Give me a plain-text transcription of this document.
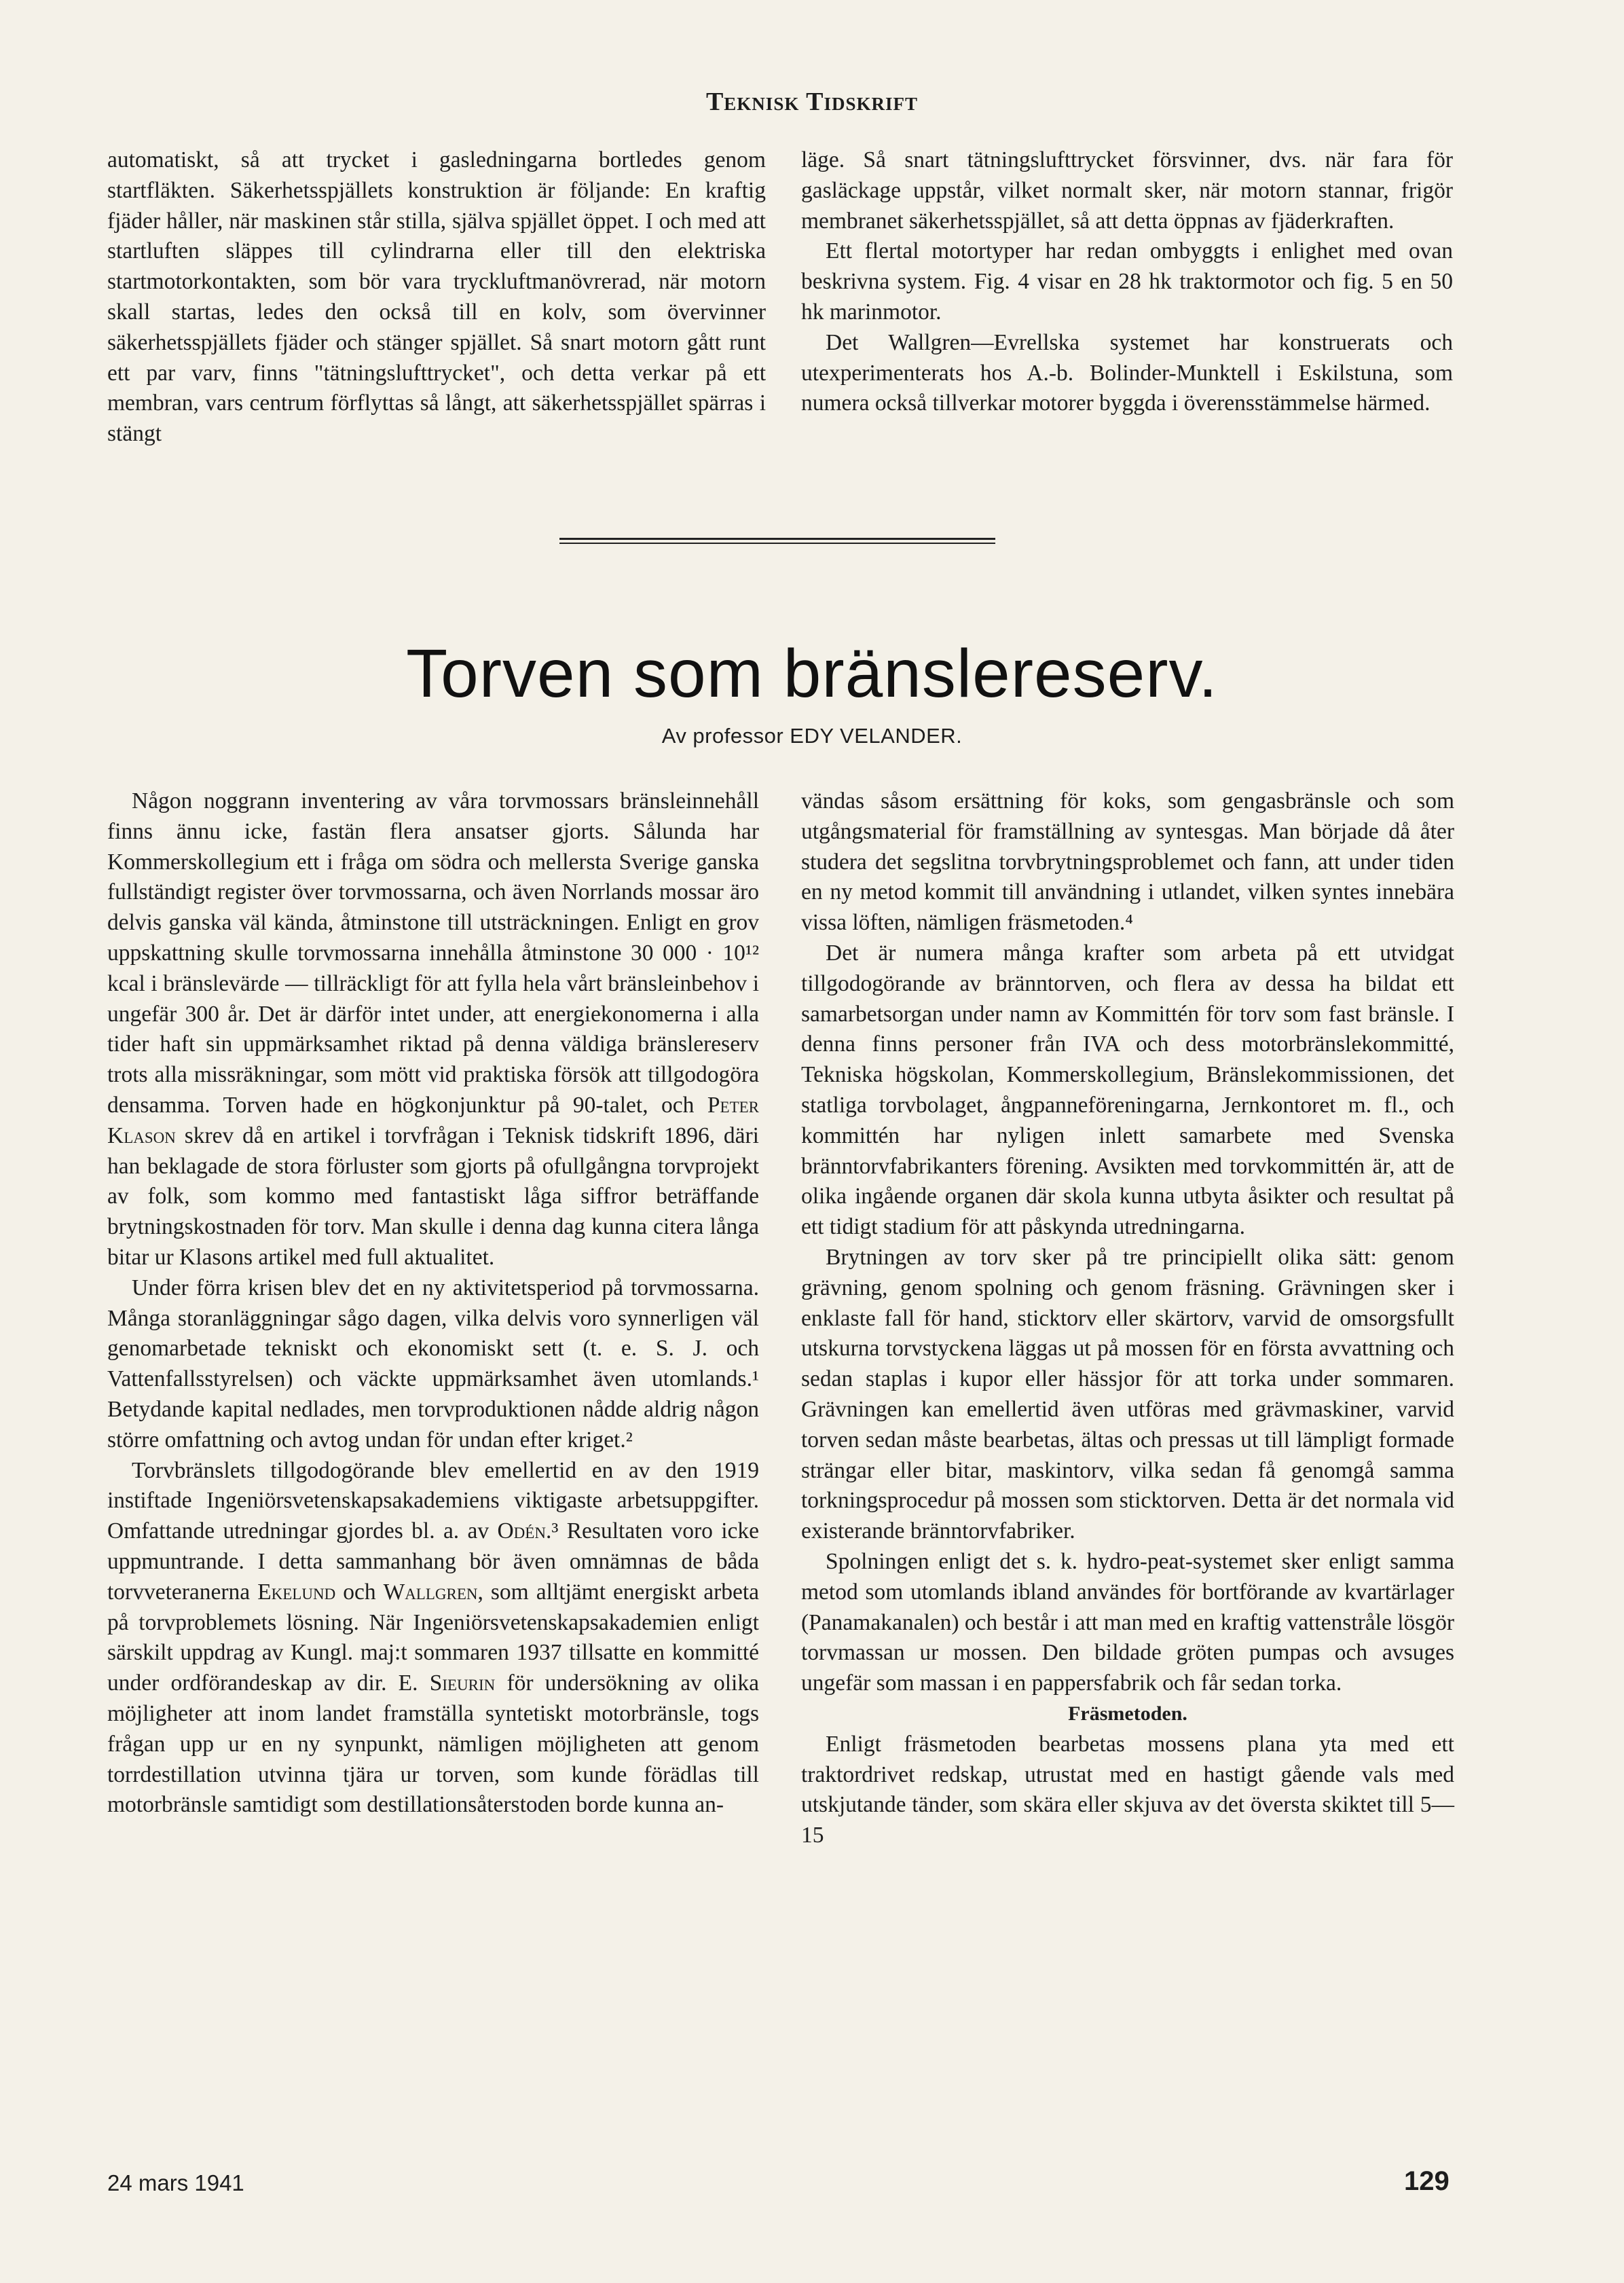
Teknisk Tidskrift

automatiskt, så att trycket i gasledningarna bortledes genom startfläkten. Säkerhetsspjällets konstruktion är följande: En kraftig fjäder håller, när maskinen står stilla, själva spjället öppet. I och med att startluften släppes till cylindrarna eller till den elektriska startmotorkontakten, som bör vara tryckluftmanövrerad, när motorn skall startas, ledes den också till en kolv, som övervinner säkerhetsspjällets fjäder och stänger spjället. Så snart motorn gått runt ett par varv, finns "tätningslufttrycket", och detta verkar på ett membran, vars centrum förflyttas så långt, att säkerhetsspjället spärras i stängt

läge. Så snart tätningslufttrycket försvinner, dvs. när fara för gasläckage uppstår, vilket normalt sker, när motorn stannar, frigör membranet säkerhetsspjället, så att detta öppnas av fjäderkraften.

Ett flertal motortyper har redan ombyggts i enlighet med ovan beskrivna system. Fig. 4 visar en 28 hk traktormotor och fig. 5 en 50 hk marinmotor.

Det Wallgren—Evrellska systemet har konstruerats och utexperimenterats hos A.-b. Bolinder-Munktell i Eskilstuna, som numera också tillverkar motorer byggda i överensstämmelse härmed.

Torven som bränslereserv.
Av professor EDY VELANDER.

Någon noggrann inventering av våra torvmossars bränsleinnehåll finns ännu icke, fastän flera ansatser gjorts. Sålunda har Kommerskollegium ett i fråga om södra och mellersta Sverige ganska fullständigt register över torvmossarna, och även Norrlands mossar äro delvis ganska väl kända, åtminstone till utsträckningen. Enligt en grov uppskattning skulle torvmossarna innehålla åtminstone 30 000 · 10¹² kcal i bränslevärde — tillräckligt för att fylla hela vårt bränsleinbehov i ungefär 300 år. Det är därför intet under, att energiekonomerna i alla tider haft sin uppmärksamhet riktad på denna väldiga bränslereserv trots alla missräkningar, som mött vid praktiska försök att tillgodogöra densamma. Torven hade en högkonjunktur på 90-talet, och Peter Klason skrev då en artikel i torvfrågan i Teknisk tidskrift 1896, däri han beklagade de stora förluster som gjorts på ofullgångna torvprojekt av folk, som kommo med fantastiskt låga siffror beträffande brytningskostnaden för torv. Man skulle i denna dag kunna citera långa bitar ur Klasons artikel med full aktualitet.

Under förra krisen blev det en ny aktivitetsperiod på torvmossarna. Många storanläggningar sågo dagen, vilka delvis voro synnerligen väl genomarbetade tekniskt och ekonomiskt sett (t. e. S. J. och Vattenfallsstyrelsen) och väckte uppmärksamhet även utomlands.¹ Betydande kapital nedlades, men torvproduktionen nådde aldrig någon större omfattning och avtog undan för undan efter kriget.²

Torvbränslets tillgodogörande blev emellertid en av den 1919 instiftade Ingeniörsvetenskapsakademiens viktigaste arbetsuppgifter. Omfattande utredningar gjordes bl. a. av Odén.³ Resultaten voro icke uppmuntrande. I detta sammanhang bör även omnämnas de båda torvveteranerna Ekelund och Wallgren, som alltjämt energiskt arbeta på torvproblemets lösning. När Ingeniörsvetenskapsakademien enligt särskilt uppdrag av Kungl. maj:t sommaren 1937 tillsatte en kommitté under ordförandeskap av dir. E. Sieurin för undersökning av olika möjligheter att inom landet framställa syntetiskt motorbränsle, togs frågan upp ur en ny synpunkt, nämligen möjligheten att genom torrdestillation utvinna tjära ur torven, som kunde förädlas till motorbränsle samtidigt som destillationsåterstoden borde kunna an-

vändas såsom ersättning för koks, som gengasbränsle och som utgångsmaterial för framställning av syntesgas. Man började då åter studera det segslitna torvbrytningsproblemet och fann, att under tiden en ny metod kommit till användning i utlandet, vilken syntes innebära vissa löften, nämligen fräsmetoden.⁴

Det är numera många krafter som arbeta på ett utvidgat tillgodogörande av bränntorven, och flera av dessa ha bildat ett samarbetsorgan under namn av Kommittén för torv som fast bränsle. I denna finns personer från IVA och dess motorbränslekommitté, Tekniska högskolan, Kommerskollegium, Bränslekommissionen, det statliga torvbolaget, ångpanneföreningarna, Jernkontoret m. fl., och kommittén har nyligen inlett samarbete med Svenska bränntorvfabrikanters förening. Avsikten med torvkommittén är, att de olika ingående organen där skola kunna utbyta åsikter och resultat på ett tidigt stadium för att påskynda utredningarna.

Brytningen av torv sker på tre principiellt olika sätt: genom grävning, genom spolning och genom fräsning. Grävningen sker i enklaste fall för hand, sticktorv eller skärtorv, varvid de omsorgsfullt utskurna torvstyckena läggas ut på mossen för en första avvattning och sedan staplas i kupor eller hässjor för att torka under sommaren. Grävningen kan emellertid även utföras med grävmaskiner, varvid torven sedan måste bearbetas, ältas och pressas ut till lämpligt formade strängar eller bitar, maskintorv, vilka sedan få genomgå samma torkningsprocedur på mossen som sticktorven. Detta är det normala vid existerande bränntorvfabriker.

Spolningen enligt det s. k. hydro-peat-systemet sker enligt samma metod som utomlands ibland användes för bortförande av kvartärlager (Panamakanalen) och består i att man med en kraftig vattenstråle lösgör torvmassan ur mossen. Den bildade gröten pumpas och avsuges ungefär som massan i en pappersfabrik och får sedan torka.

Fräsmetoden.

Enligt fräsmetoden bearbetas mossens plana yta med ett traktordrivet redskap, utrustat med en hastigt gående vals med utskjutande tänder, som skära eller skjuva av det översta skiktet till 5—15

24 mars 1941	129
